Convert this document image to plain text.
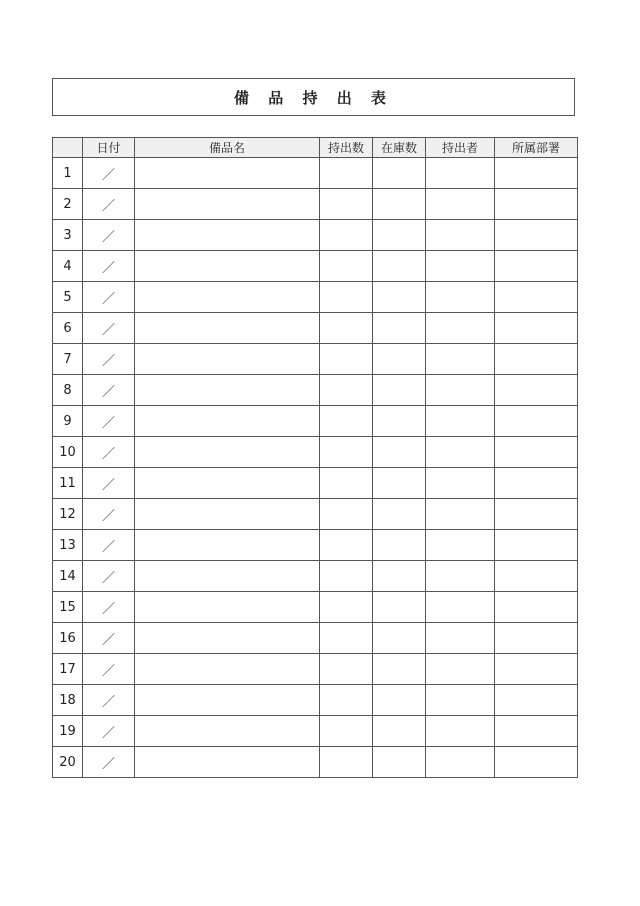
備 品 持 出 表
	日付	備品名	持出数	在庫数	持出者	所属部署
1	／					
2	／					
3	／					
4	／					
5	／					
6	／					
7	／					
8	／					
9	／					
10	／					
11	／					
12	／					
13	／					
14	／					
15	／					
16	／					
17	／					
18	／					
19	／					
20	／					
